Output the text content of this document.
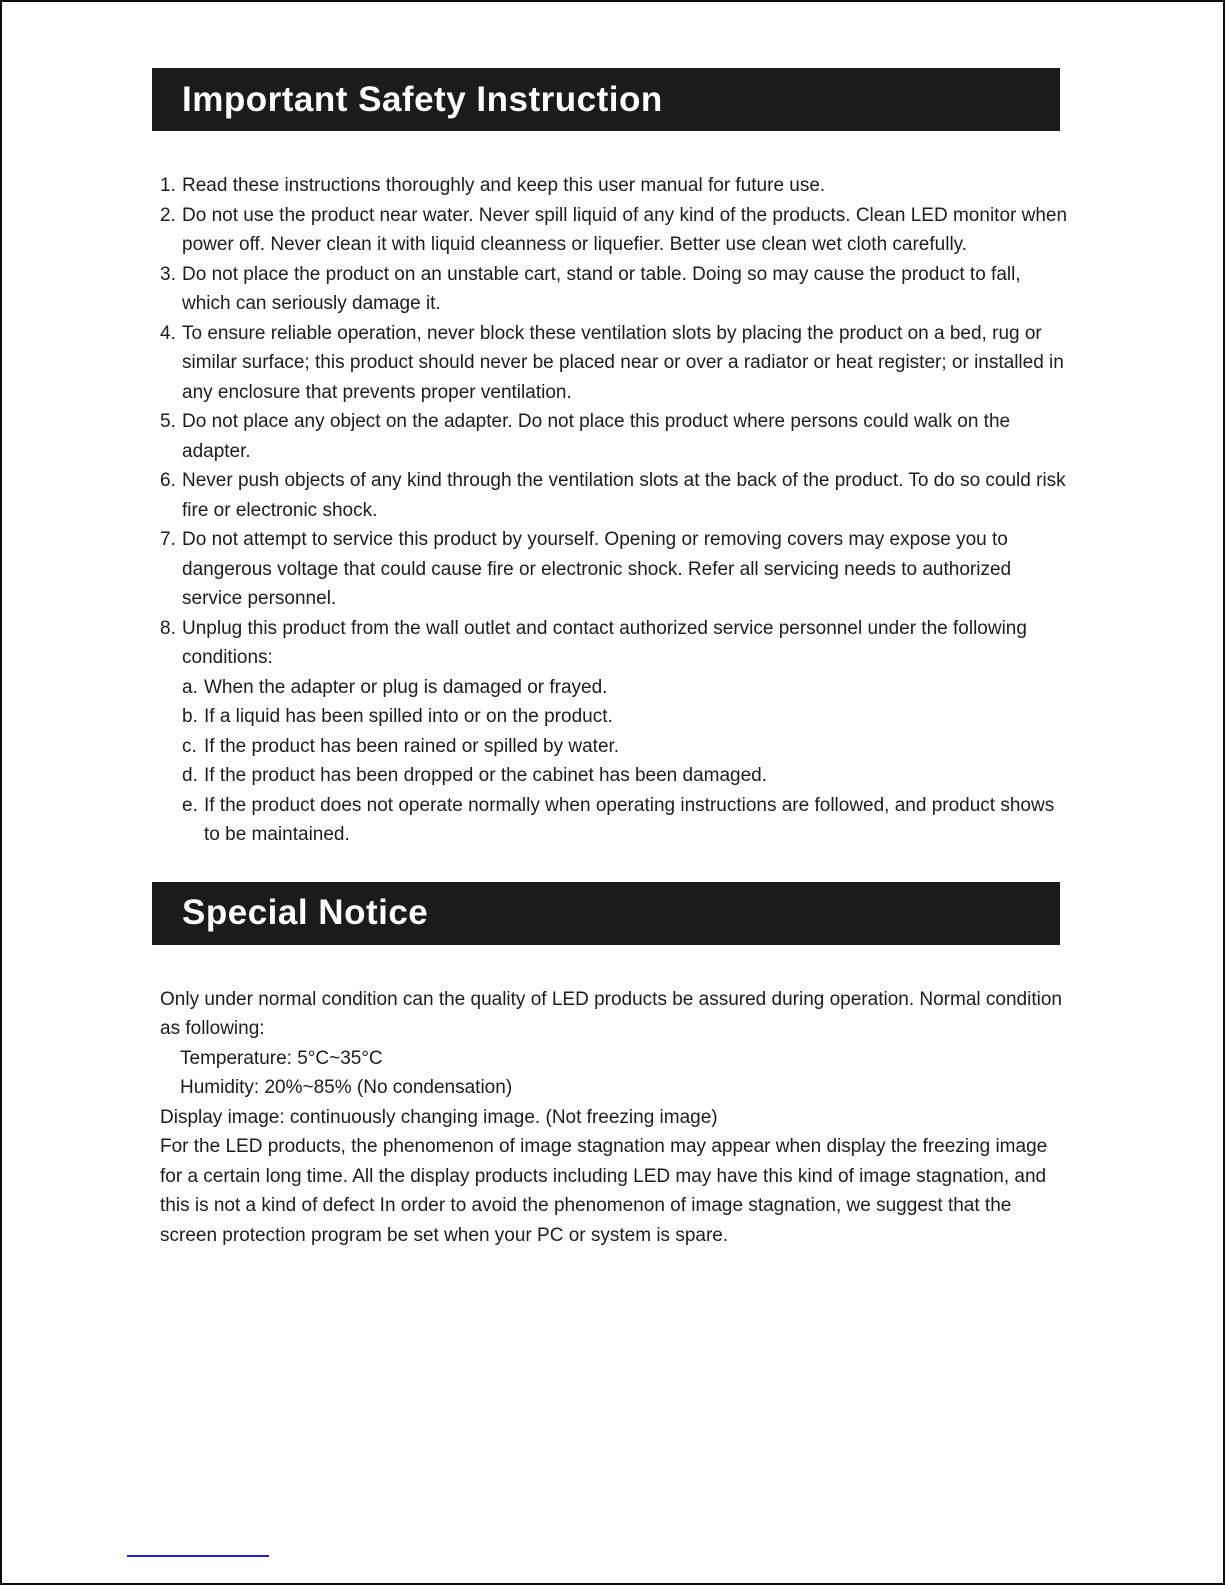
Important Safety Instruction
1. Read these instructions thoroughly and keep this user manual for future use.
2. Do not use the product near water. Never spill liquid of any kind of the products. Clean LED monitor when power off. Never clean it with liquid cleanness or liquefier. Better use clean wet cloth carefully.
3. Do not place the product on an unstable cart, stand or table. Doing so may cause the product to fall, which can seriously damage it.
4. To ensure reliable operation, never block these ventilation slots by placing the product on a bed, rug or similar surface; this product should never be placed near or over a radiator or heat register; or installed in any enclosure that prevents proper ventilation.
5. Do not place any object on the adapter. Do not place this product where persons could walk on the adapter.
6. Never push objects of any kind through the ventilation slots at the back of the product. To do so could risk fire or electronic shock.
7. Do not attempt to service this product by yourself. Opening or removing covers may expose you to dangerous voltage that could cause fire or electronic shock. Refer all servicing needs to authorized service personnel.
8. Unplug this product from the wall outlet and contact authorized service personnel under the following conditions:
a. When the adapter or plug is damaged or frayed.
b. If a liquid has been spilled into or on the product.
c. If the product has been rained or spilled by water.
d. If the product has been dropped or the cabinet has been damaged.
e. If the product does not operate normally when operating instructions are followed, and product shows to be maintained.
Special Notice
Only under normal condition can the quality of LED products be assured during operation. Normal condition as following:
Temperature: 5°C~35°C
Humidity: 20%~85% (No condensation)
Display image: continuously changing image. (Not freezing image)
For the LED products, the phenomenon of image stagnation may appear when display the freezing image for a certain long time. All the display products including LED may have this kind of image stagnation, and this is not a kind of defect In order to avoid the phenomenon of image stagnation, we suggest that the screen protection program be set when your PC or system is spare.
